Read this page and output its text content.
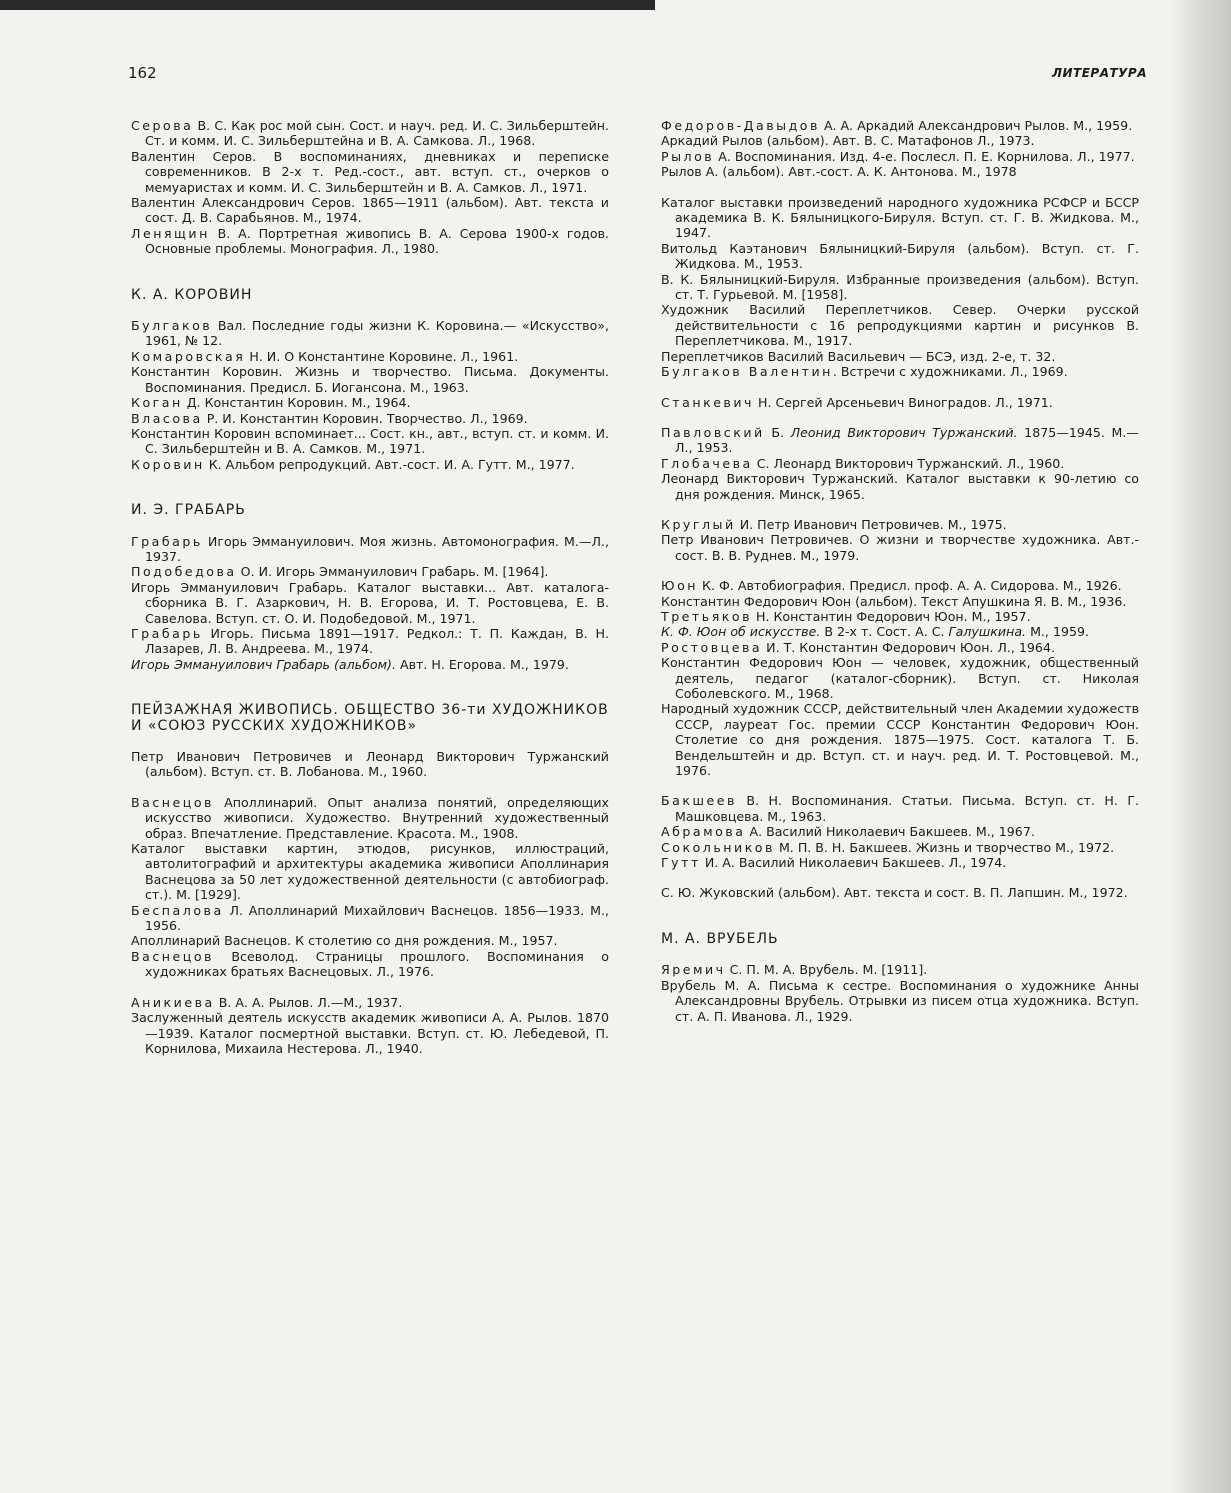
162	ЛИТЕРАТУРА

Серова В. С. Как рос мой сын. Сост. и науч. ред. И. С. Зильберштейн. Ст. и комм. И. С. Зильберштейна и В. А. Самкова. Л., 1968.

Валентин Серов. В воспоминаниях, дневниках и переписке современников. В 2-х т. Ред.-сост., авт. вступ. ст., очерков о мемуаристах и комм. И. С. Зильберштейн и В. А. Самков. Л., 1971.

Валентин Александрович Серов. 1865—1911 (альбом). Авт. текста и сост. Д. В. Сарабьянов. М., 1974.

Ленящин В. А. Портретная живопись В. А. Серова 1900-х годов. Основные проблемы. Монография. Л., 1980.

К. А. КОРОВИН

Булгаков Вал. Последние годы жизни К. Коровина.— «Искусство», 1961, № 12.

Комаровская Н. И. О Константине Коровине. Л., 1961.

Константин Коровин. Жизнь и творчество. Письма. Документы. Воспоминания. Предисл. Б. Иогансона. М., 1963.

Коган Д. Константин Коровин. М., 1964.

Власова Р. И. Константин Коровин. Творчество. Л., 1969.

Константин Коровин вспоминает... Сост. кн., авт., вступ. ст. и комм. И. С. Зильберштейн и В. А. Самков. М., 1971.

Коровин К. Альбом репродукций. Авт.-сост. И. А. Гутт. М., 1977.

И. Э. ГРАБАРЬ

Грабарь Игорь Эммануилович. Моя жизнь. Автомонография. М.—Л., 1937.

Подобедова О. И. Игорь Эммануилович Грабарь. М. [1964].

Игорь Эммануилович Грабарь. Каталог выставки... Авт. каталога-сборника В. Г. Азаркович, Н. В. Егорова, И. Т. Ростовцева, Е. В. Савелова. Вступ. ст. О. И. Подобедовой. М., 1971.

Грабарь Игорь. Письма 1891—1917. Редкол.: Т. П. Каждан, В. Н. Лазарев, Л. В. Андреева. М., 1974.

Игорь Эммануилович Грабарь (альбом). Авт. Н. Егорова. М., 1979.

ПЕЙЗАЖНАЯ ЖИВОПИСЬ. ОБЩЕСТВО 36-ти ХУДОЖНИКОВ И «СОЮЗ РУССКИХ ХУДОЖНИКОВ»

Петр Иванович Петровичев и Леонард Викторович Туржанский (альбом). Вступ. ст. В. Лобанова. М., 1960.

Васнецов Аполлинарий. Опыт анализа понятий, определяющих искусство живописи. Художество. Внутренний художественный образ. Впечатление. Представление. Красота. М., 1908.

Каталог выставки картин, этюдов, рисунков, иллюстраций, автолитографий и архитектуры академика живописи Аполлинария Васнецова за 50 лет художественной деятельности (с автобиограф. ст.). М. [1929].

Беспалова Л. Аполлинарий Михайлович Васнецов. 1856—1933. М., 1956.

Аполлинарий Васнецов. К столетию со дня рождения. М., 1957.

Васнецов Всеволод. Страницы прошлого. Воспоминания о художниках братьях Васнецовых. Л., 1976.

Аникиева В. А. А. Рылов. Л.—М., 1937.

Заслуженный деятель искусств академик живописи А. А. Рылов. 1870—1939. Каталог посмертной выставки. Вступ. ст. Ю. Лебедевой, П. Корнилова, Михаила Нестерова. Л., 1940.

Федоров-Давыдов А. А. Аркадий Александрович Рылов. М., 1959.

Аркадий Рылов (альбом). Авт. В. С. Матафонов Л., 1973.

Рылов А. Воспоминания. Изд. 4-е. Послесл. П. Е. Корнилова. Л., 1977.

Рылов А. (альбом). Авт.-сост. А. К. Антонова. М., 1978

Каталог выставки произведений народного художника РСФСР и БССР академика В. К. Бялыницкого-Бируля. Вступ. ст. Г. В. Жидкова. М., 1947.

Витольд Каэтанович Бялыницкий-Бируля (альбом). Вступ. ст. Г. Жидкова. М., 1953.

В. К. Бялыницкий-Бируля. Избранные произведения (альбом). Вступ. ст. Т. Гурьевой. М. [1958].

Художник Василий Переплетчиков. Север. Очерки русской действительности с 16 репродукциями картин и рисунков В. Переплетчикова. М., 1917.

Переплетчиков Василий Васильевич — БСЭ, изд. 2-е, т. 32.

Булгаков Валентин. Встречи с художниками. Л., 1969.

Станкевич Н. Сергей Арсеньевич Виноградов. Л., 1971.

Павловский Б. Леонид Викторович Туржанский. 1875—1945. М.—Л., 1953.

Глобачева С. Леонард Викторович Туржанский. Л., 1960.

Леонард Викторович Туржанский. Каталог выставки к 90-летию со дня рождения. Минск, 1965.

Круглый И. Петр Иванович Петровичев. М., 1975.

Петр Иванович Петровичев. О жизни и творчестве художника. Авт.-сост. В. В. Руднев. М., 1979.

Юон К. Ф. Автобиография. Предисл. проф. А. А. Сидорова. М., 1926.

Константин Федорович Юон (альбом). Текст Апушкина Я. В. М., 1936.

Третьяков Н. Константин Федорович Юон. М., 1957.

К. Ф. Юон об искусстве. В 2-х т. Сост. А. С. Галушкина. М., 1959.

Ростовцева И. Т. Константин Федорович Юон. Л., 1964.

Константин Федорович Юон — человек, художник, общественный деятель, педагог (каталог-сборник). Вступ. ст. Николая Соболевского. М., 1968.

Народный художник СССР, действительный член Академии художеств СССР, лауреат Гос. премии СССР Константин Федорович Юон. Столетие со дня рождения. 1875—1975. Сост. каталога Т. Б. Вендельштейн и др. Вступ. ст. и науч. ред. И. Т. Ростовцевой. М., 1976.

Бакшеев В. Н. Воспоминания. Статьи. Письма. Вступ. ст. Н. Г. Машковцева. М., 1963.

Абрамова А. Василий Николаевич Бакшеев. М., 1967.

Сокольников М. П. В. Н. Бакшеев. Жизнь и творчество М., 1972.

Гутт И. А. Василий Николаевич Бакшеев. Л., 1974.

С. Ю. Жуковский (альбом). Авт. текста и сост. В. П. Лапшин. М., 1972.

М. А. ВРУБЕЛЬ

Яремич С. П. М. А. Врубель. М. [1911].

Врубель М. А. Письма к сестре. Воспоминания о художнике Анны Александровны Врубель. Отрывки из писем отца художника. Вступ. ст. А. П. Иванова. Л., 1929.
